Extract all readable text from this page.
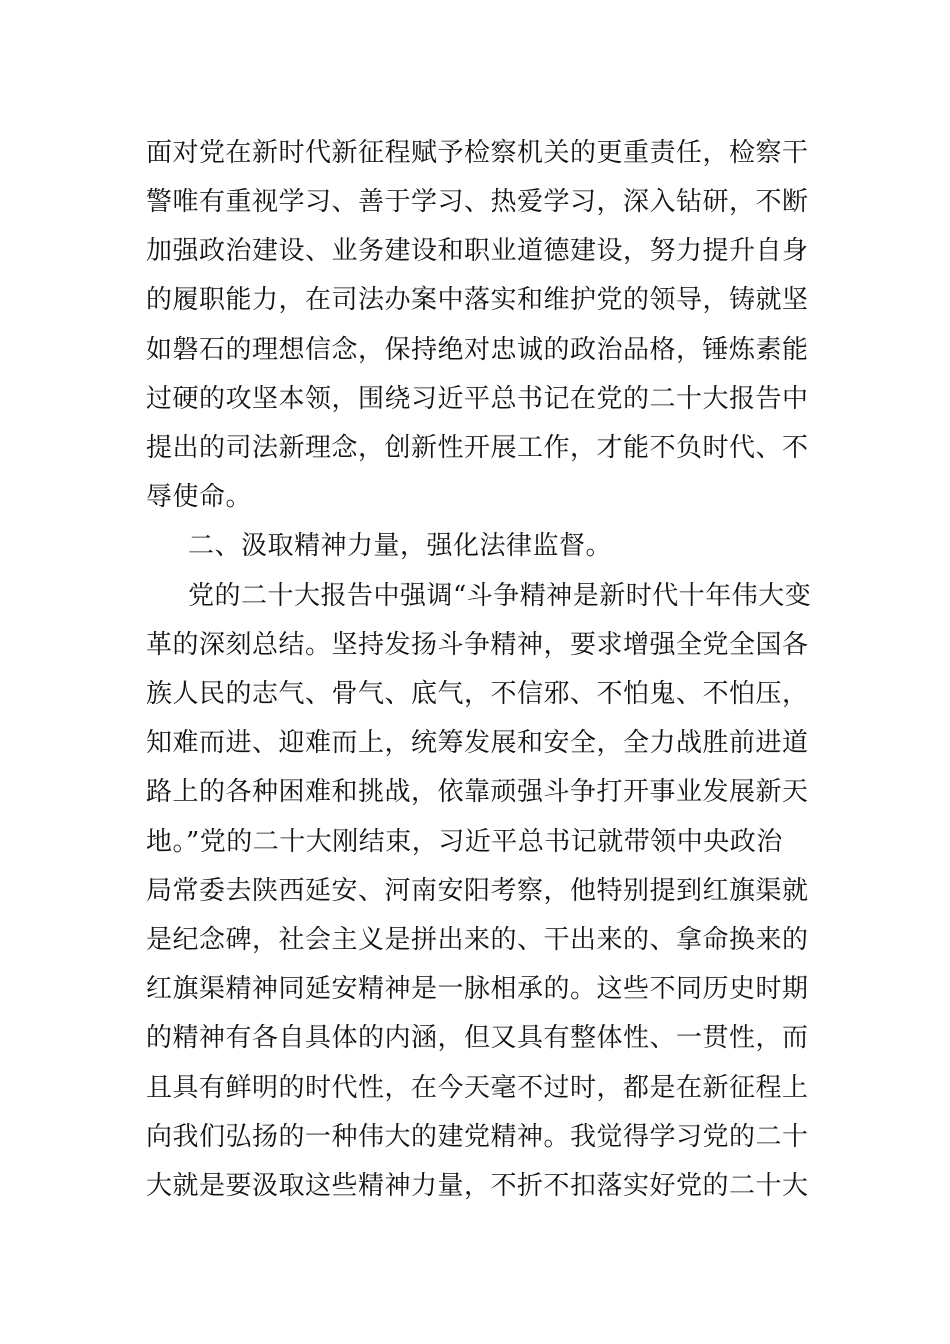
面对党在新时代新征程赋予检察机关的更重责任，检察干
警唯有重视学习、善于学习、热爱学习，深入钻研，不断
加强政治建设、业务建设和职业道德建设，努力提升自身
的履职能力，在司法办案中落实和维护党的领导，铸就坚
如磐石的理想信念，保持绝对忠诚的政治品格，锤炼素能
过硬的攻坚本领，围绕习近平总书记在党的二十大报告中
提出的司法新理念，创新性开展工作，才能不负时代、不
辱使命。
二、汲取精神力量，强化法律监督。
党的二十大报告中强调“斗争精神是新时代十年伟大变
革的深刻总结。坚持发扬斗争精神，要求增强全党全国各
族人民的志气、骨气、底气，不信邪、不怕鬼、不怕压，
知难而进、迎难而上，统筹发展和安全，全力战胜前进道
路上的各种困难和挑战，依靠顽强斗争打开事业发展新天
地。”党的二十大刚结束，习近平总书记就带领中央政治
局常委去陕西延安、河南安阳考察，他特别提到红旗渠就
是纪念碑，社会主义是拼出来的、干出来的、拿命换来的
红旗渠精神同延安精神是一脉相承的。这些不同历史时期
的精神有各自具体的内涵，但又具有整体性、一贯性，而
且具有鲜明的时代性，在今天毫不过时，都是在新征程上
向我们弘扬的一种伟大的建党精神。我觉得学习党的二十
大就是要汲取这些精神力量，不折不扣落实好党的二十大
